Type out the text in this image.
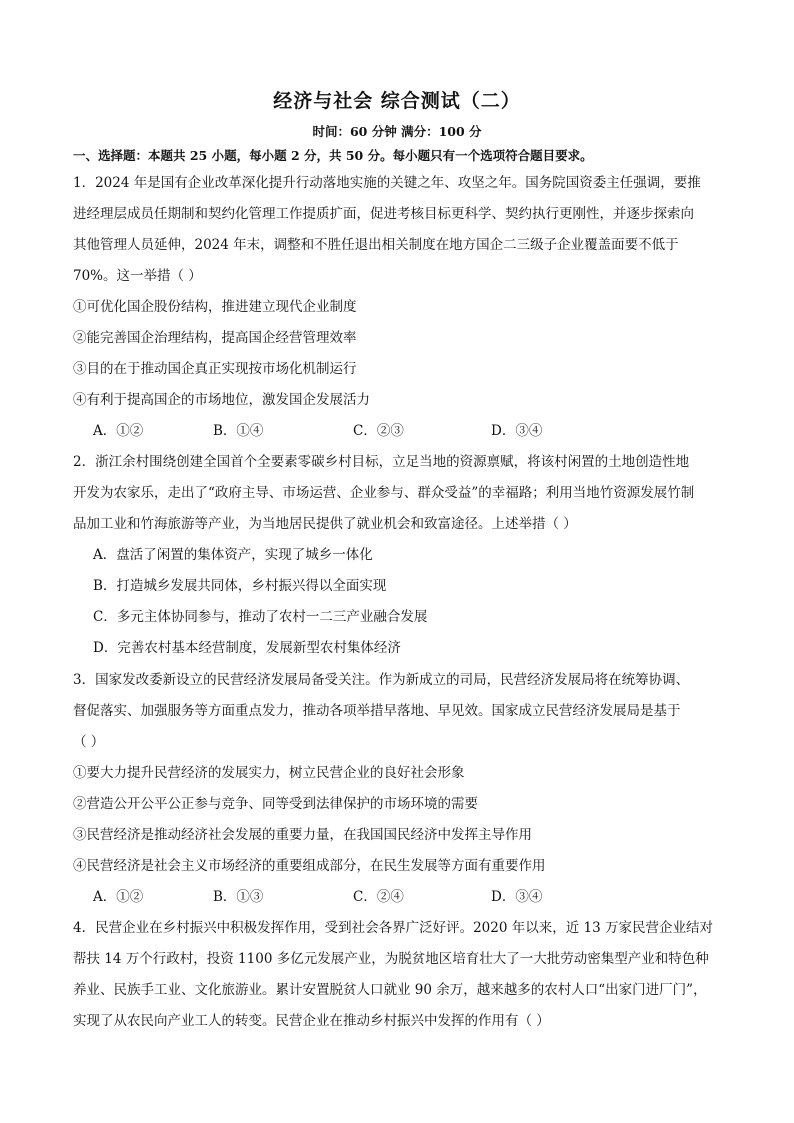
经济与社会 综合测试（二）
时间：60 分钟 满分：100 分
一、选择题：本题共 25 小题，每小题 2 分，共 50 分。每小题只有一个选项符合题目要求。
1．2024 年是国有企业改革深化提升行动落地实施的关键之年、攻坚之年。国务院国资委主任强调，要推
进经理层成员任期制和契约化管理工作提质扩面，促进考核目标更科学、契约执行更刚性，并逐步探索向
其他管理人员延伸，2024 年末，调整和不胜任退出相关制度在地方国企二三级子企业覆盖面要不低于
70%。这一举措（ ）
①可优化国企股份结构，推进建立现代企业制度
②能完善国企治理结构，提高国企经营管理效率
③目的在于推动国企真正实现按市场化机制运行
④有利于提高国企的市场地位，激发国企发展活力
A．①②	B．①④	C．②③	D．③④
2．浙江余村围绕创建全国首个全要素零碳乡村目标，立足当地的资源禀赋，将该村闲置的土地创造性地
开发为农家乐，走出了“政府主导、市场运营、企业参与、群众受益”的幸福路；利用当地竹资源发展竹制
品加工业和竹海旅游等产业，为当地居民提供了就业机会和致富途径。上述举措（ ）
A．盘活了闲置的集体资产，实现了城乡一体化
B．打造城乡发展共同体，乡村振兴得以全面实现
C．多元主体协同参与，推动了农村一二三产业融合发展
D．完善农村基本经营制度，发展新型农村集体经济
3．国家发改委新设立的民营经济发展局备受关注。作为新成立的司局，民营经济发展局将在统筹协调、
督促落实、加强服务等方面重点发力，推动各项举措早落地、早见效。国家成立民营经济发展局是基于
（ ）
①要大力提升民营经济的发展实力，树立民营企业的良好社会形象
②营造公开公平公正参与竞争、同等受到法律保护的市场环境的需要
③民营经济是推动经济社会发展的重要力量，在我国国民经济中发挥主导作用
④民营经济是社会主义市场经济的重要组成部分，在民生发展等方面有重要作用
A．①②	B．①③	C．②④	D．③④
4．民营企业在乡村振兴中积极发挥作用，受到社会各界广泛好评。2020 年以来，近 13 万家民营企业结对
帮扶 14 万个行政村，投资 1100 多亿元发展产业，为脱贫地区培育壮大了一大批劳动密集型产业和特色种
养业、民族手工业、文化旅游业。累计安置脱贫人口就业 90 余万，越来越多的农村人口“出家门进厂门”，
实现了从农民向产业工人的转变。民营企业在推动乡村振兴中发挥的作用有（ ）
